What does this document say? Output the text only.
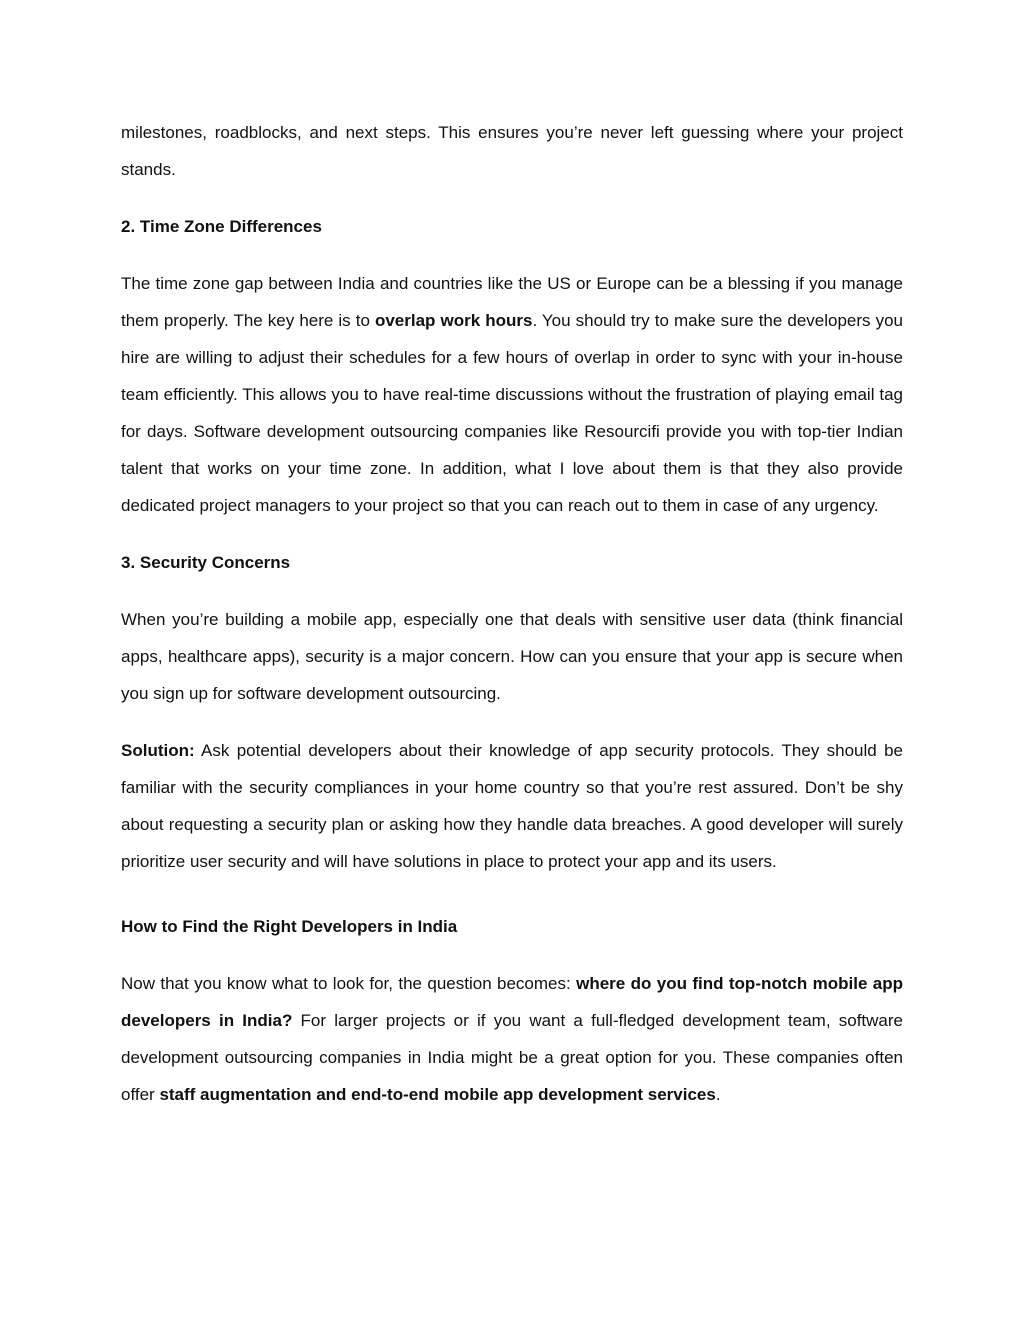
milestones, roadblocks, and next steps. This ensures you’re never left guessing where your project stands.

2. Time Zone Differences

The time zone gap between India and countries like the US or Europe can be a blessing if you manage them properly. The key here is to overlap work hours. You should try to make sure the developers you hire are willing to adjust their schedules for a few hours of overlap in order to sync with your in-house team efficiently. This allows you to have real-time discussions without the frustration of playing email tag for days. Software development outsourcing companies like Resourcifi provide you with top-tier Indian talent that works on your time zone. In addition, what I love about them is that they also provide dedicated project managers to your project so that you can reach out to them in case of any urgency.

3. Security Concerns

When you’re building a mobile app, especially one that deals with sensitive user data (think financial apps, healthcare apps), security is a major concern. How can you ensure that your app is secure when you sign up for software development outsourcing.

Solution: Ask potential developers about their knowledge of app security protocols. They should be familiar with the security compliances in your home country so that you’re rest assured. Don’t be shy about requesting a security plan or asking how they handle data breaches. A good developer will surely prioritize user security and will have solutions in place to protect your app and its users.

How to Find the Right Developers in India

Now that you know what to look for, the question becomes: where do you find top-notch mobile app developers in India? For larger projects or if you want a full-fledged development team, software development outsourcing companies in India might be a great option for you. These companies often offer staff augmentation and end-to-end mobile app development services.
